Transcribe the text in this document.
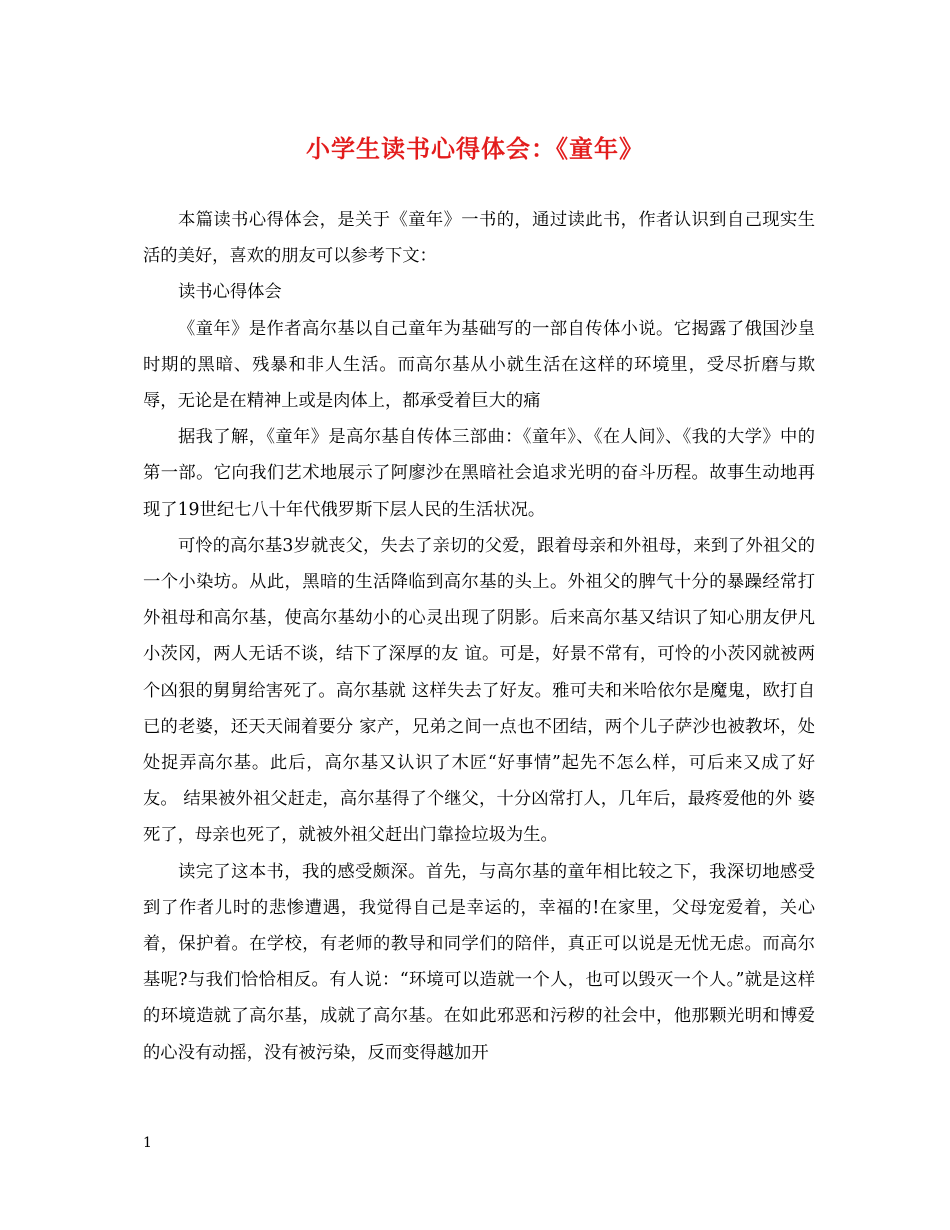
小学生读书心得体会：《童年》

本篇读书心得体会，是关于《童年》一书的，通过读此书，作者认识到自己现实生活的美好，喜欢的朋友可以参考下文：

读书心得体会

《童年》是作者高尔基以自己童年为基础写的一部自传体小说。它揭露了俄国沙皇时期的黑暗、残暴和非人生活。而高尔基从小就生活在这样的环境里，受尽折磨与欺辱，无论是在精神上或是肉体上，都承受着巨大的痛

据我了解，《童年》是高尔基自传体三部曲：《童年》、《在人间》、《我的大学》中的第一部。它向我们艺术地展示了阿廖沙在黑暗社会追求光明的奋斗历程。故事生动地再现了19世纪七八十年代俄罗斯下层人民的生活状况。

可怜的高尔基3岁就丧父，失去了亲切的父爱，跟着母亲和外祖母，来到了外祖父的一个小染坊。从此，黑暗的生活降临到高尔基的头上。外祖父的脾气十分的暴躁经常打外祖母和高尔基，使高尔基幼小的心灵出现了阴影。后来高尔基又结识了知心朋友伊凡小茨冈，两人无话不谈，结下了深厚的友 谊。可是，好景不常有，可怜的小茨冈就被两个凶狠的舅舅给害死了。高尔基就 这样失去了好友。雅可夫和米哈依尔是魔鬼，欧打自已的老婆，还天天闹着要分 家产，兄弟之间一点也不团结，两个儿子萨沙也被教坏，处处捉弄高尔基。此后，高尔基又认识了木匠“好事情”起先不怎么样，可后来又成了好友。 结果被外祖父赶走，高尔基得了个继父，十分凶常打人，几年后，最疼爱他的外 婆死了，母亲也死了，就被外祖父赶出门靠捡垃圾为生。

读完了这本书，我的感受颇深。首先，与高尔基的童年相比较之下，我深切地感受到了作者儿时的悲惨遭遇，我觉得自己是幸运的，幸福的!在家里，父母宠爱着，关心着，保护着。在学校，有老师的教导和同学们的陪伴，真正可以说是无忧无虑。而高尔基呢?与我们恰恰相反。有人说：“环境可以造就一个人，也可以毁灭一个人。”就是这样的环境造就了高尔基，成就了高尔基。在如此邪恶和污秽的社会中，他那颗光明和博爱的心没有动摇，没有被污染，反而变得越加开

1
